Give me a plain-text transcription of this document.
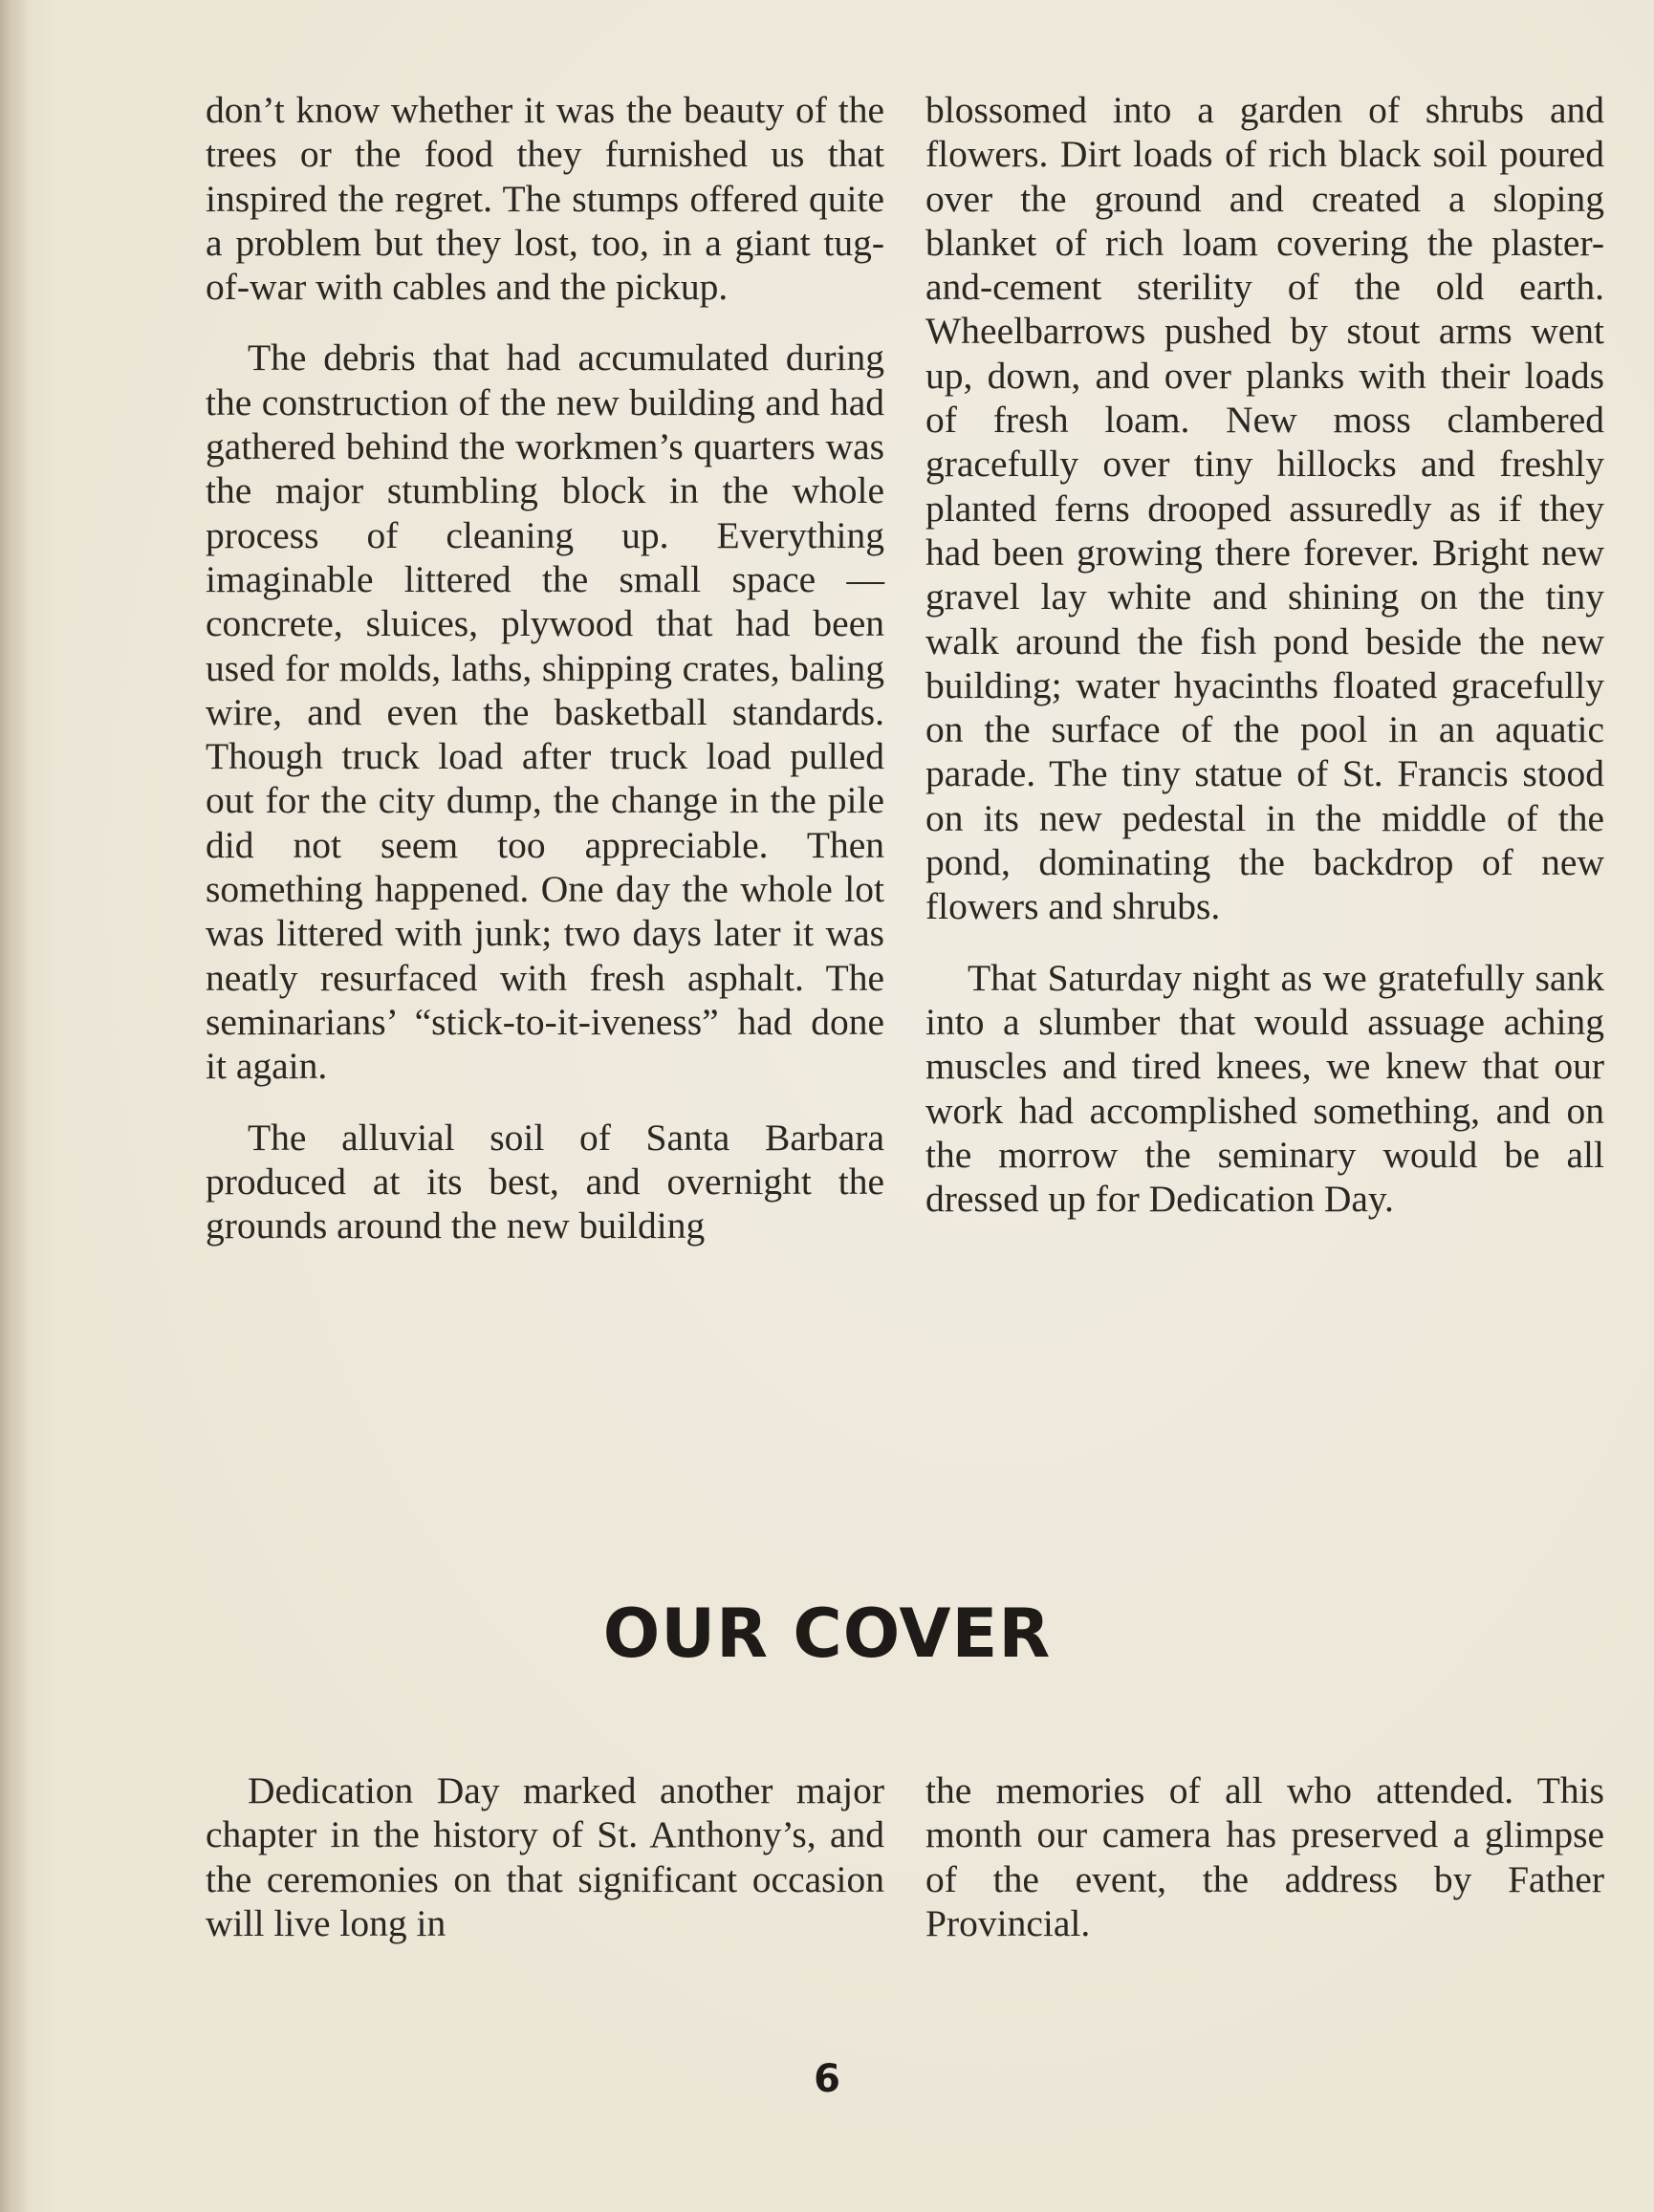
don’t know whether it was the beauty of the trees or the food they furnished us that inspired the regret. The stumps offered quite a problem but they lost, too, in a giant tug-of-war with cables and the pickup.

The debris that had accumulated during the construction of the new building and had gathered behind the workmen’s quarters was the major stumbling block in the whole process of cleaning up. Everything imaginable littered the small space — concrete, sluices, plywood that had been used for molds, laths, shipping crates, baling wire, and even the basketball standards. Though truck load after truck load pulled out for the city dump, the change in the pile did not seem too appreciable. Then something happened. One day the whole lot was littered with junk; two days later it was neatly resurfaced with fresh asphalt. The seminarians’ “stick-to-it-iveness” had done it again.

The alluvial soil of Santa Barbara produced at its best, and overnight the grounds around the new building

blossomed into a garden of shrubs and flowers. Dirt loads of rich black soil poured over the ground and created a sloping blanket of rich loam covering the plaster-and-cement sterility of the old earth. Wheelbarrows pushed by stout arms went up, down, and over planks with their loads of fresh loam. New moss clambered gracefully over tiny hillocks and freshly planted ferns drooped assuredly as if they had been growing there forever. Bright new gravel lay white and shining on the tiny walk around the fish pond beside the new building; water hyacinths floated gracefully on the surface of the pool in an aquatic parade. The tiny statue of St. Francis stood on its new pedestal in the middle of the pond, dominating the backdrop of new flowers and shrubs.

That Saturday night as we gratefully sank into a slumber that would assuage aching muscles and tired knees, we knew that our work had accomplished something, and on the morrow the seminary would be all dressed up for Dedication Day.

OUR COVER

Dedication Day marked another major chapter in the history of St. Anthony’s, and the ceremonies on that significant occasion will live long in

the memories of all who attended. This month our camera has preserved a glimpse of the event, the address by Father Provincial.

6
